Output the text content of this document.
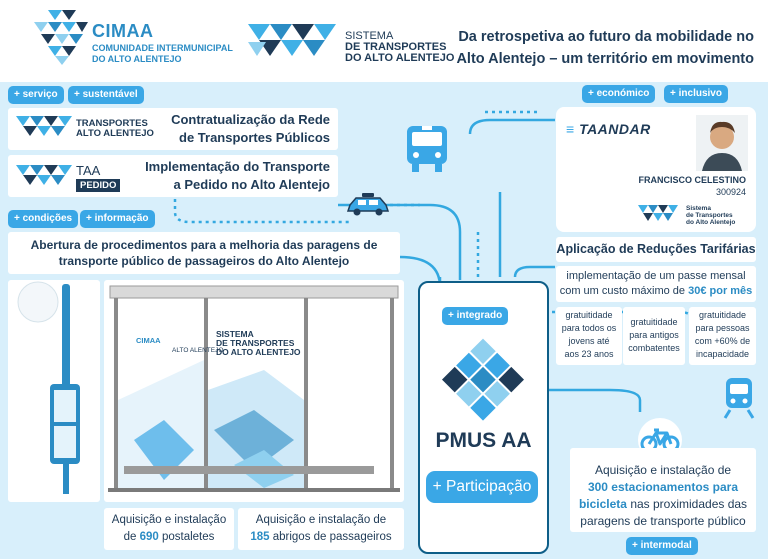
CIMAA
COMUNIDADE INTERMUNICIPAL
DO ALTO ALENTEJO
SISTEMA
DE TRANSPORTES
DO ALTO ALENTEJO
Da retrospetiva ao futuro da mobilidade no
Alto Alentejo – um território em movimento
+ serviço	+ sustentável
TRANSPORTES
ALTO ALENTEJO
Contratualização da Rede
de Transportes Públicos
TAA
PEDIDO
Implementação do Transporte
a Pedido no Alto Alentejo
+ condições	+ informação
Abertura de procedimentos para a melhoria das paragens de
transporte público de passageiros do Alto Alentejo
CIMAA
ALTO ALENTEJO
SISTEMA
DE TRANSPORTES
DO ALTO ALENTEJO
Aquisição e instalação
de 690 postaletes
Aquisição e instalação de
185 abrigos de passageiros
+ económico	+ inclusivo
≡ TAANDAR
FRANCISCO CELESTINO
300924
Sistema
de Transportes
do Alto Alentejo
Aplicação de Reduções Tarifárias
implementação de um passe mensal
com um custo máximo de 30€ por mês
gratuitidade
para todos os
jovens até
aos 23 anos
gratuitidade
para antigos
combatentes
gratuitidade
para pessoas
com +60% de
incapacidade
Aquisição e instalação de
300 estacionamentos para
bicicleta nas proximidades das
paragens de transporte público
+ intermodal
+ integrado
PMUS AA
+ Participação
